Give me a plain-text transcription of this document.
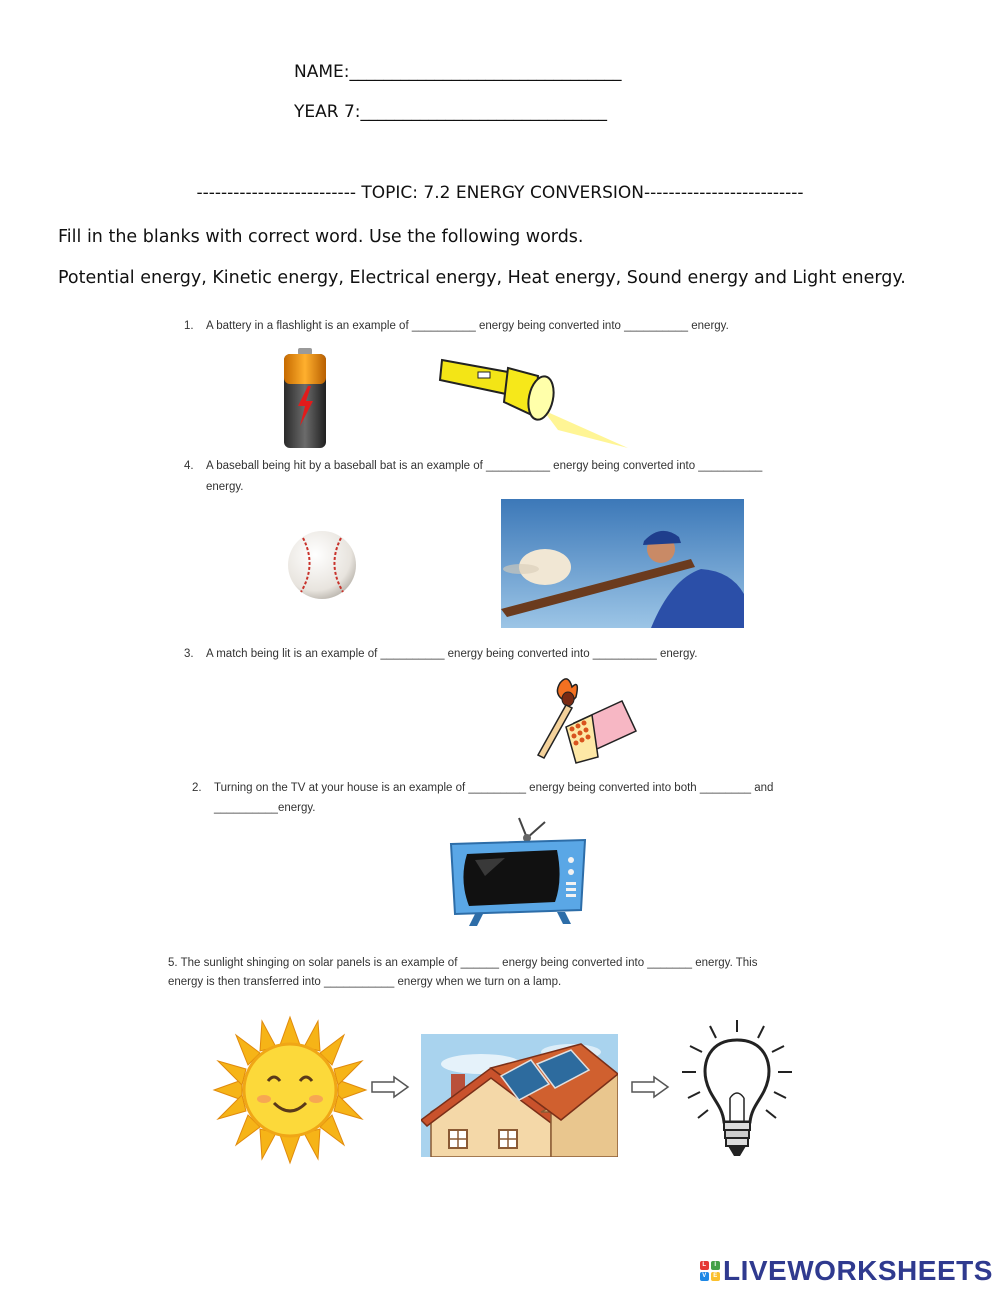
NAME:________________________________
YEAR 7:_____________________________
-------------------------- TOPIC: 7.2 ENERGY CONVERSION--------------------------
Fill in the blanks with correct word. Use the following words.
Potential energy, Kinetic energy, Electrical energy, Heat energy, Sound energy and Light energy.
1. A battery in a flashlight is an example of __________ energy being converted into __________ energy.
4. A baseball being hit by a baseball bat is an example of __________ energy being converted into __________
energy.
3. A match being lit is an example of __________ energy being converted into __________ energy.
2. Turning on the TV at your house is an example of _________ energy being converted into both ________ and
__________energy.
5. The sunlight shinging on solar panels is an example of ______ energy being converted into _______ energy. This
energy is then transferred into ___________ energy when we turn on a lamp.
L	I
V	E LIVEWORKSHEETS
